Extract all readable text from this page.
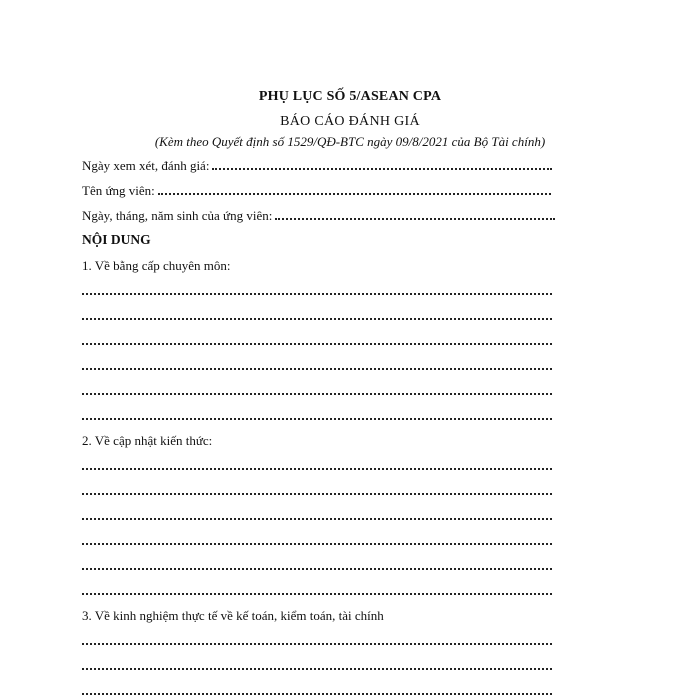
PHỤ LỤC SỐ 5/ASEAN CPA
BÁO CÁO ĐÁNH GIÁ
(Kèm theo Quyết định số 1529/QĐ-BTC ngày 09/8/2021 của Bộ Tài chính)
Ngày xem xét, đánh giá:
Tên ứng viên:
Ngày, tháng, năm sinh của ứng viên:
NỘI DUNG
1. Về bằng cấp chuyên môn:
2. Về cập nhật kiến thức:
3. Về kinh nghiệm thực tế về kế toán, kiểm toán, tài chính
